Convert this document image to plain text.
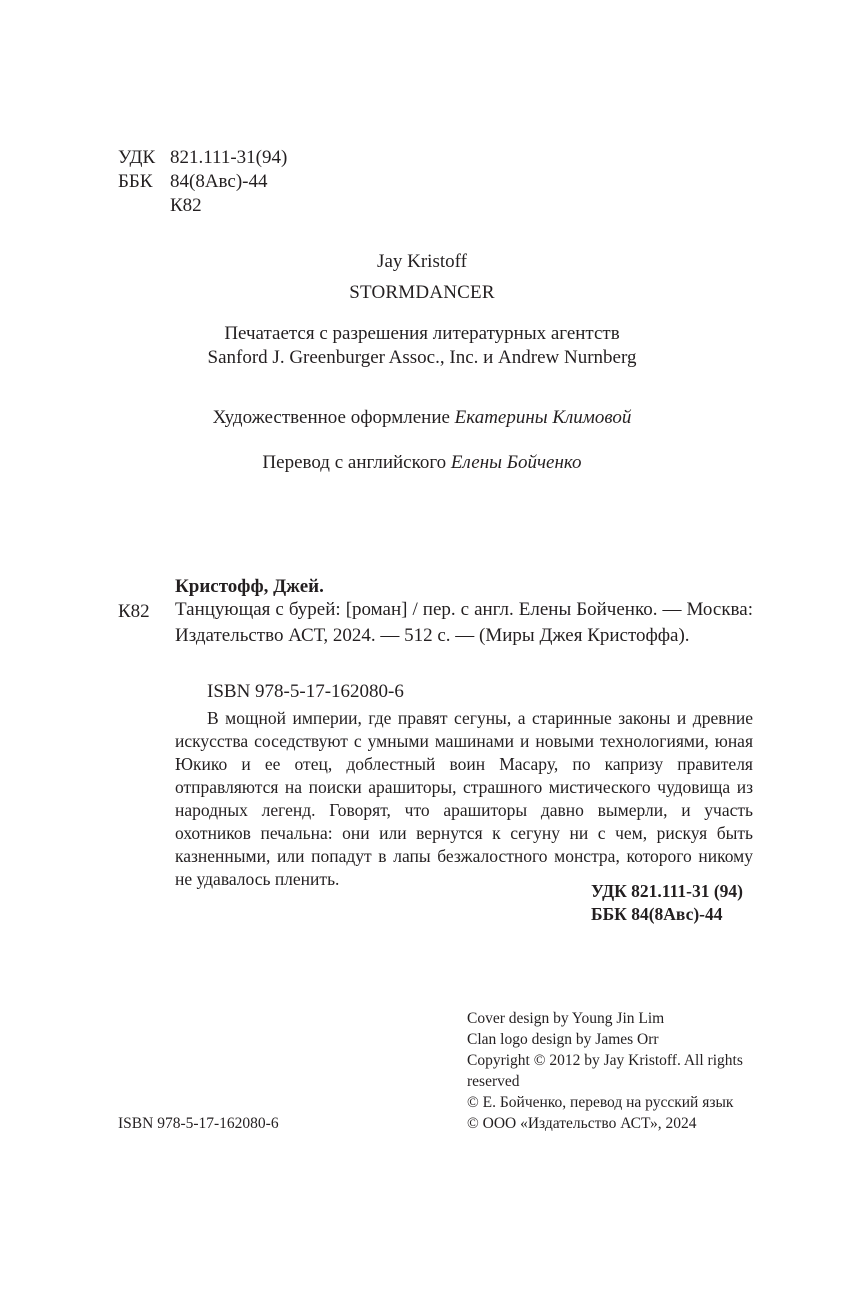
УДК 821.111-31(94)
ББК 84(8Авс)-44
К82
Jay Kristoff
STORMDANCER
Печатается с разрешения литературных агентств
Sanford J. Greenburger Assoc., Inc. и Andrew Nurnberg
Художественное оформление Екатерины Климовой
Перевод с английского Елены Бойченко
Кристофф, Джей.
К82 Танцующая с бурей: [роман] / пер. с англ. Елены Бойченко. — Москва: Издательство АСТ, 2024. — 512 с. — (Миры Джея Кристоффа).
ISBN 978-5-17-162080-6
В мощной империи, где правят сегуны, а старинные законы и древние искусства соседствуют с умными машинами и новыми технологиями, юная Юкико и ее отец, доблестный воин Масару, по капризу правителя отправляются на поиски арашиторы, страшного мистического чудовища из народных легенд. Говорят, что арашиторы давно вымерли, и участь охотников печальна: они или вернутся к сегуну ни с чем, рискуя быть казненными, или попадут в лапы безжалостного монстра, которого никому не удавалось пленить.
УДК 821.111-31 (94)
ББК 84(8Авс)-44
Cover design by Young Jin Lim
Clan logo design by James Orr
Copyright © 2012 by Jay Kristoff. All rights reserved
© Е. Бойченко, перевод на русский язык
© ООО «Издательство АСТ», 2024
ISBN 978-5-17-162080-6
